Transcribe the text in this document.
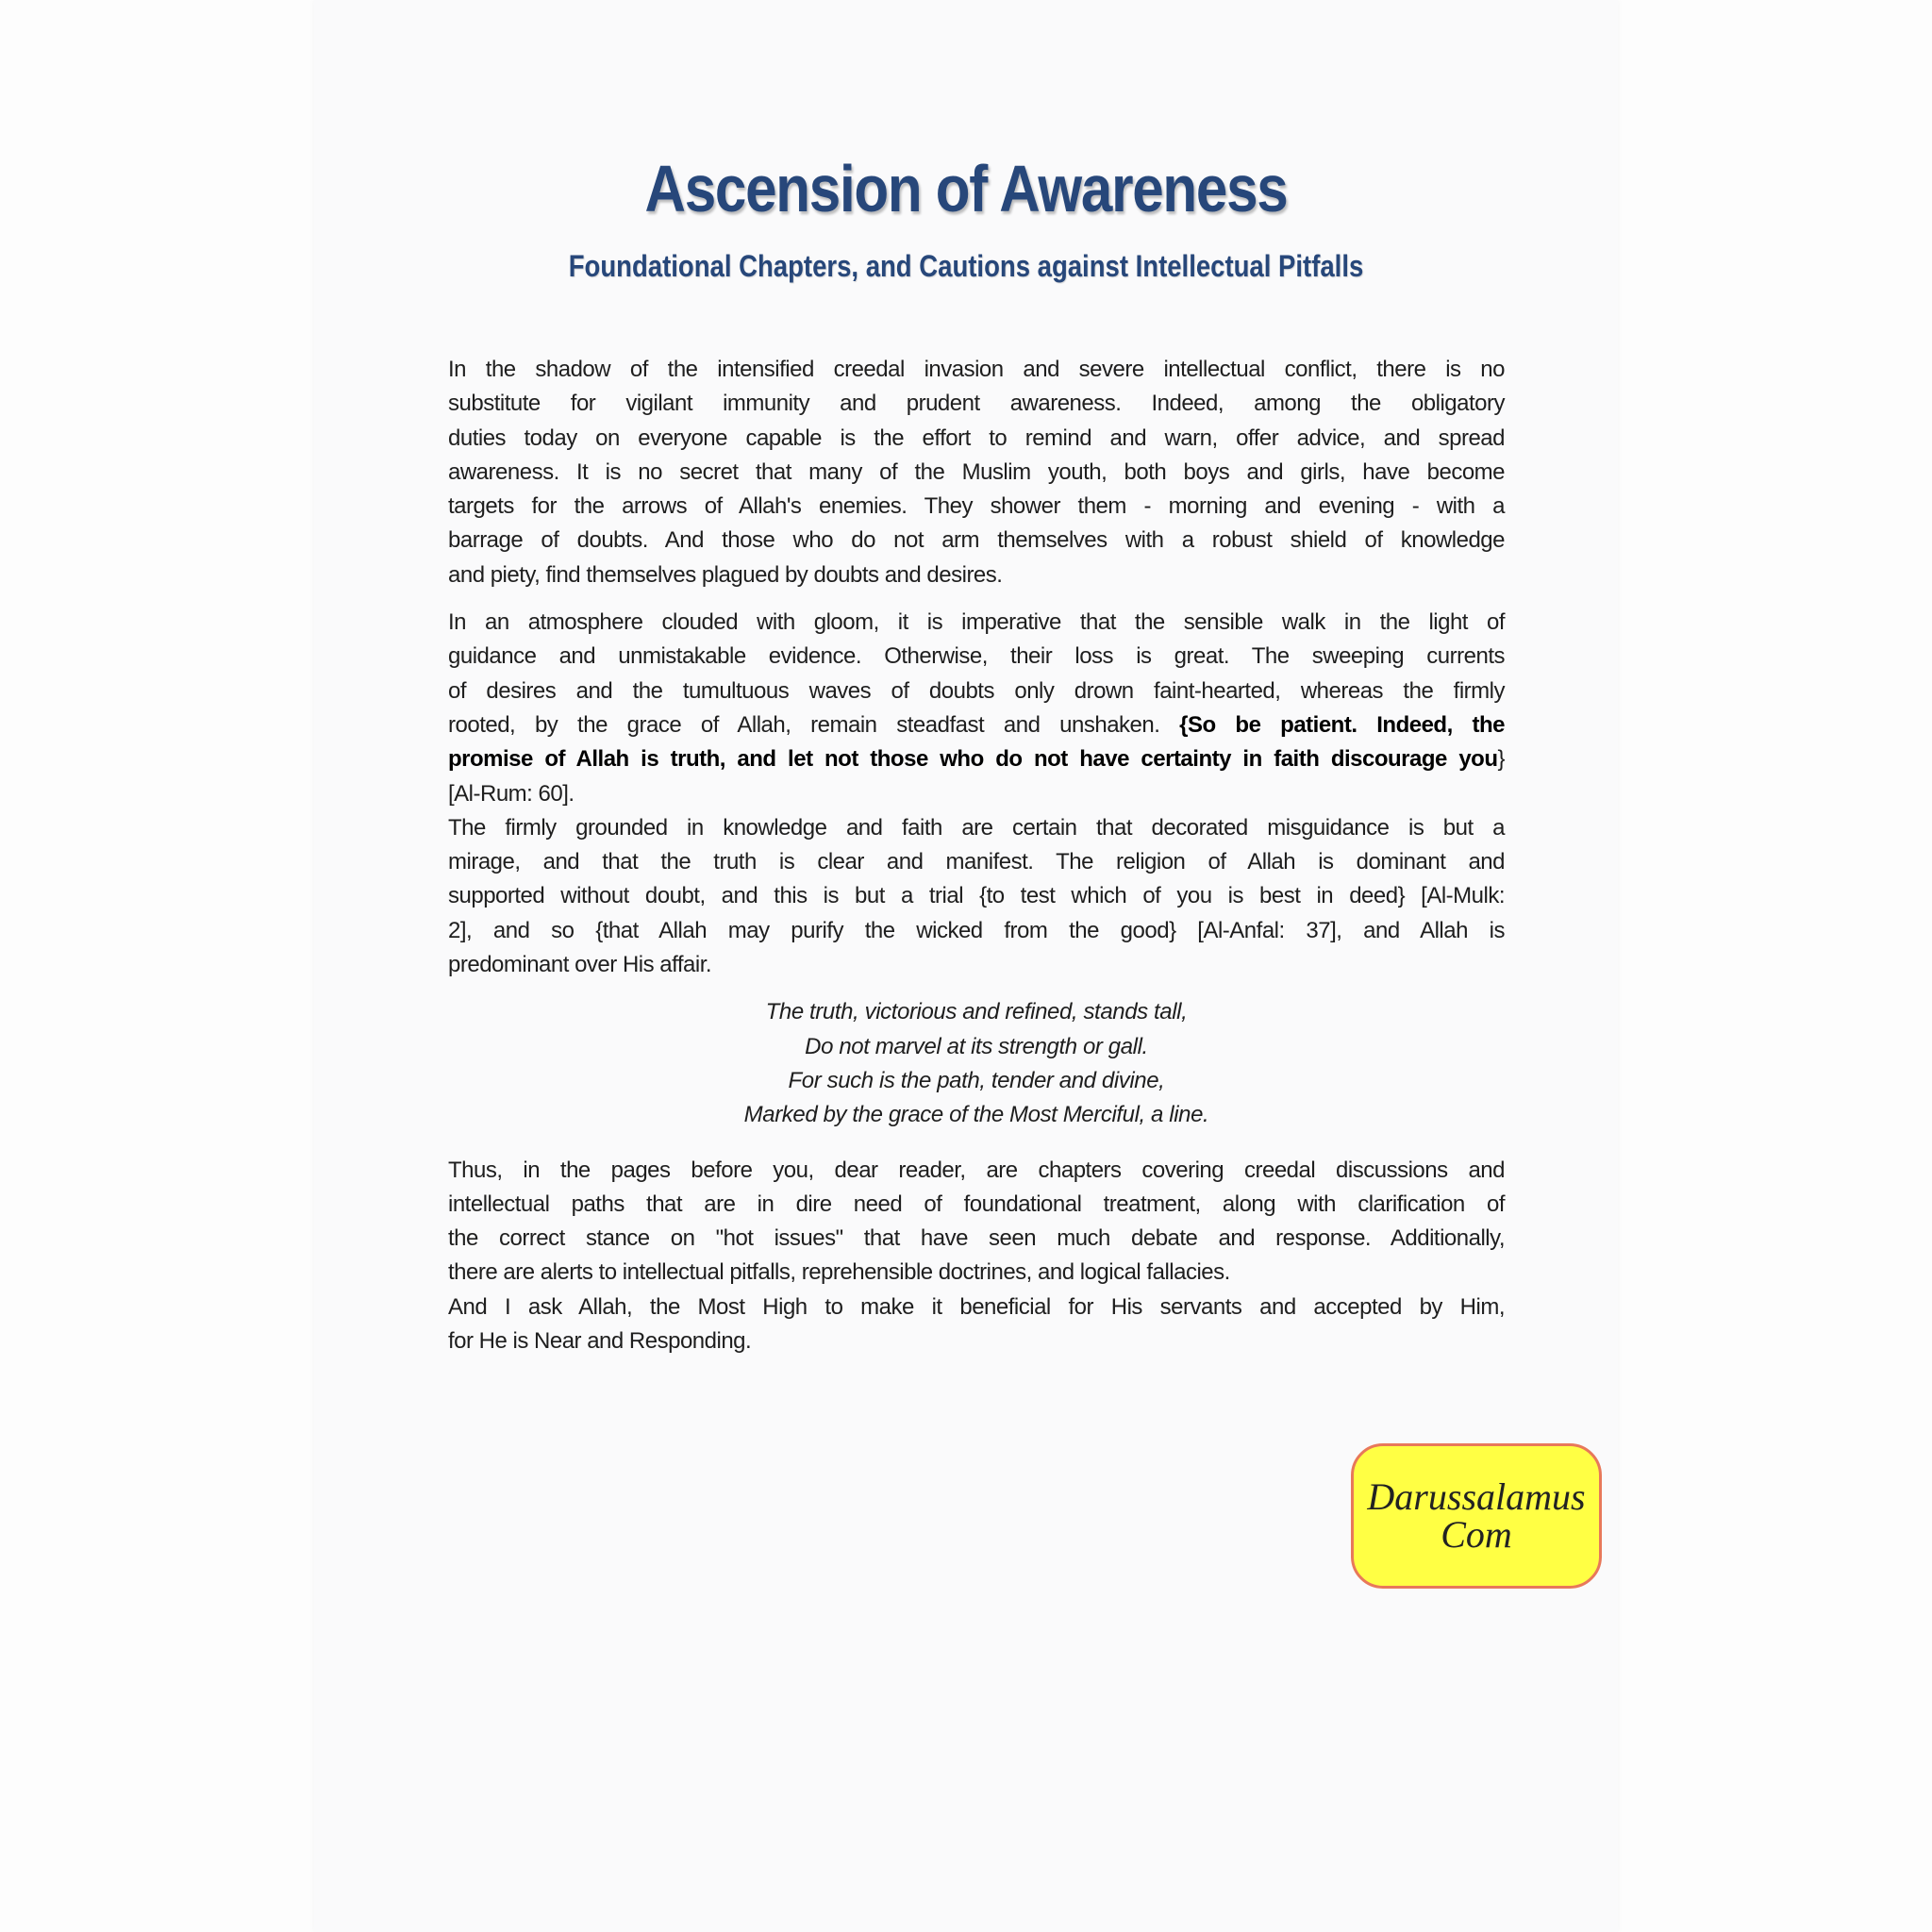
Ascension of Awareness
Foundational Chapters, and Cautions against Intellectual Pitfalls
In the shadow of the intensified creedal invasion and severe intellectual conflict, there is no
substitute for vigilant immunity and prudent awareness. Indeed, among the obligatory
duties today on everyone capable is the effort to remind and warn, offer advice, and spread
awareness. It is no secret that many of the Muslim youth, both boys and girls, have become
targets for the arrows of Allah's enemies. They shower them - morning and evening - with a
barrage of doubts. And those who do not arm themselves with a robust shield of knowledge
and piety, find themselves plagued by doubts and desires.
In an atmosphere clouded with gloom, it is imperative that the sensible walk in the light of
guidance and unmistakable evidence. Otherwise, their loss is great. The sweeping currents
of desires and the tumultuous waves of doubts only drown faint-hearted, whereas the firmly
rooted, by the grace of Allah, remain steadfast and unshaken. {So be patient. Indeed, the
promise of Allah is truth, and let not those who do not have certainty in faith discourage you}
[Al-Rum: 60].
The firmly grounded in knowledge and faith are certain that decorated misguidance is but a
mirage, and that the truth is clear and manifest. The religion of Allah is dominant and
supported without doubt, and this is but a trial {to test which of you is best in deed} [Al-Mulk:
2], and so {that Allah may purify the wicked from the good} [Al-Anfal: 37], and Allah is
predominant over His affair.
The truth, victorious and refined, stands tall,
Do not marvel at its strength or gall.
For such is the path, tender and divine,
Marked by the grace of the Most Merciful, a line.
Thus, in the pages before you, dear reader, are chapters covering creedal discussions and
intellectual paths that are in dire need of foundational treatment, along with clarification of
the correct stance on "hot issues" that have seen much debate and response. Additionally,
there are alerts to intellectual pitfalls, reprehensible doctrines, and logical fallacies.
And I ask Allah, the Most High to make it beneficial for His servants and accepted by Him,
for He is Near and Responding.
Darussalamus
Com
